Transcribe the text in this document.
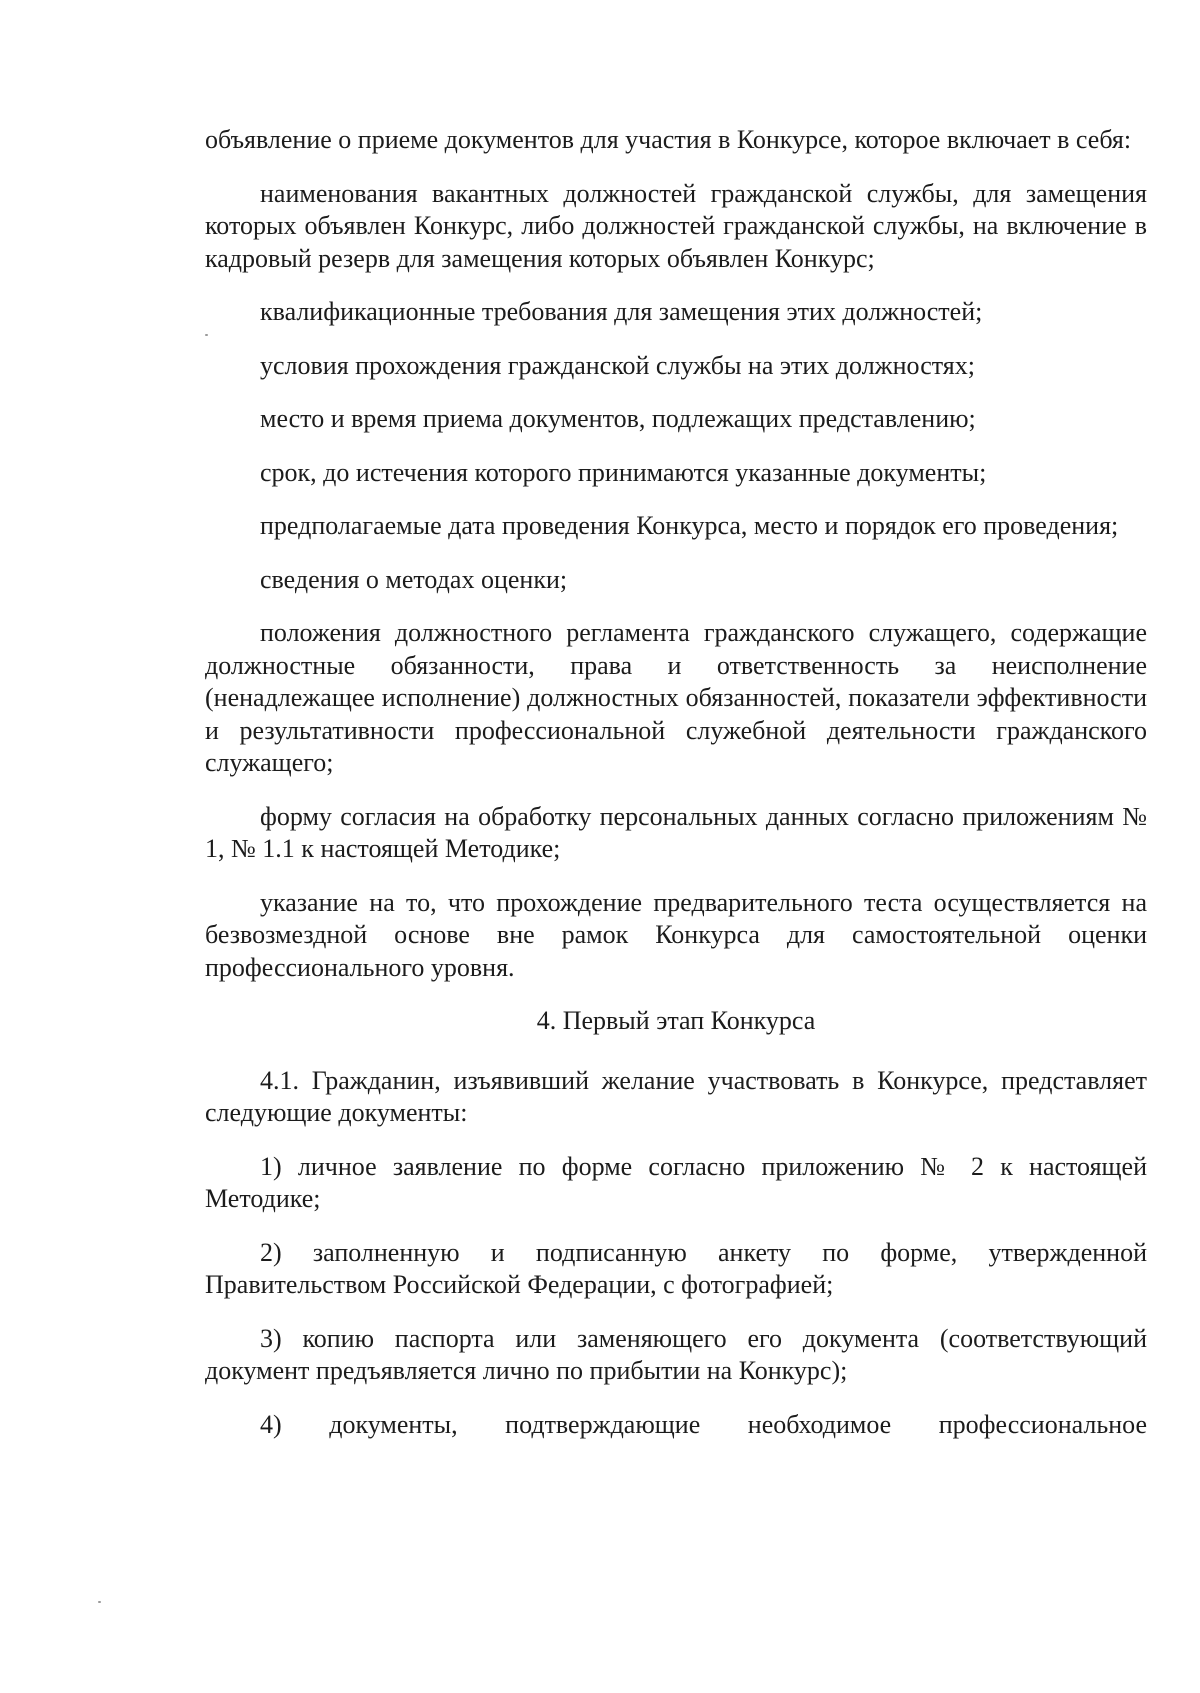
объявление о приеме документов для участия в Конкурсе, которое включает в себя:

наименования вакантных должностей гражданской службы, для замещения которых объявлен Конкурс, либо должностей гражданской службы, на включение в кадровый резерв для замещения которых объявлен Конкурс;

квалификационные требования для замещения этих должностей;

условия прохождения гражданской службы на этих должностях;

место и время приема документов, подлежащих представлению;

срок, до истечения которого принимаются указанные документы;

предполагаемые дата проведения Конкурса, место и порядок его проведения;

сведения о методах оценки;

положения должностного регламента гражданского служащего, содержащие должностные обязанности, права и ответственность за неисполнение (ненадлежащее исполнение) должностных обязанностей, показатели эффективности и результативности профессиональной служебной деятельности гражданского служащего;

форму согласия на обработку персональных данных согласно приложениям № 1, № 1.1 к настоящей Методике;

указание на то, что прохождение предварительного теста осуществляется на безвозмездной основе вне рамок Конкурса для самостоятельной оценки профессионального уровня.

4. Первый этап Конкурса

4.1. Гражданин, изъявивший желание участвовать в Конкурсе, представляет следующие документы:

1) личное заявление по форме согласно приложению № 2 к настоящей Методике;

2) заполненную и подписанную анкету по форме, утвержденной Правительством Российской Федерации, с фотографией;

3) копию паспорта или заменяющего его документа (соответствующий документ предъявляется лично по прибытии на Конкурс);

4) документы, подтверждающие необходимое профессиональное
